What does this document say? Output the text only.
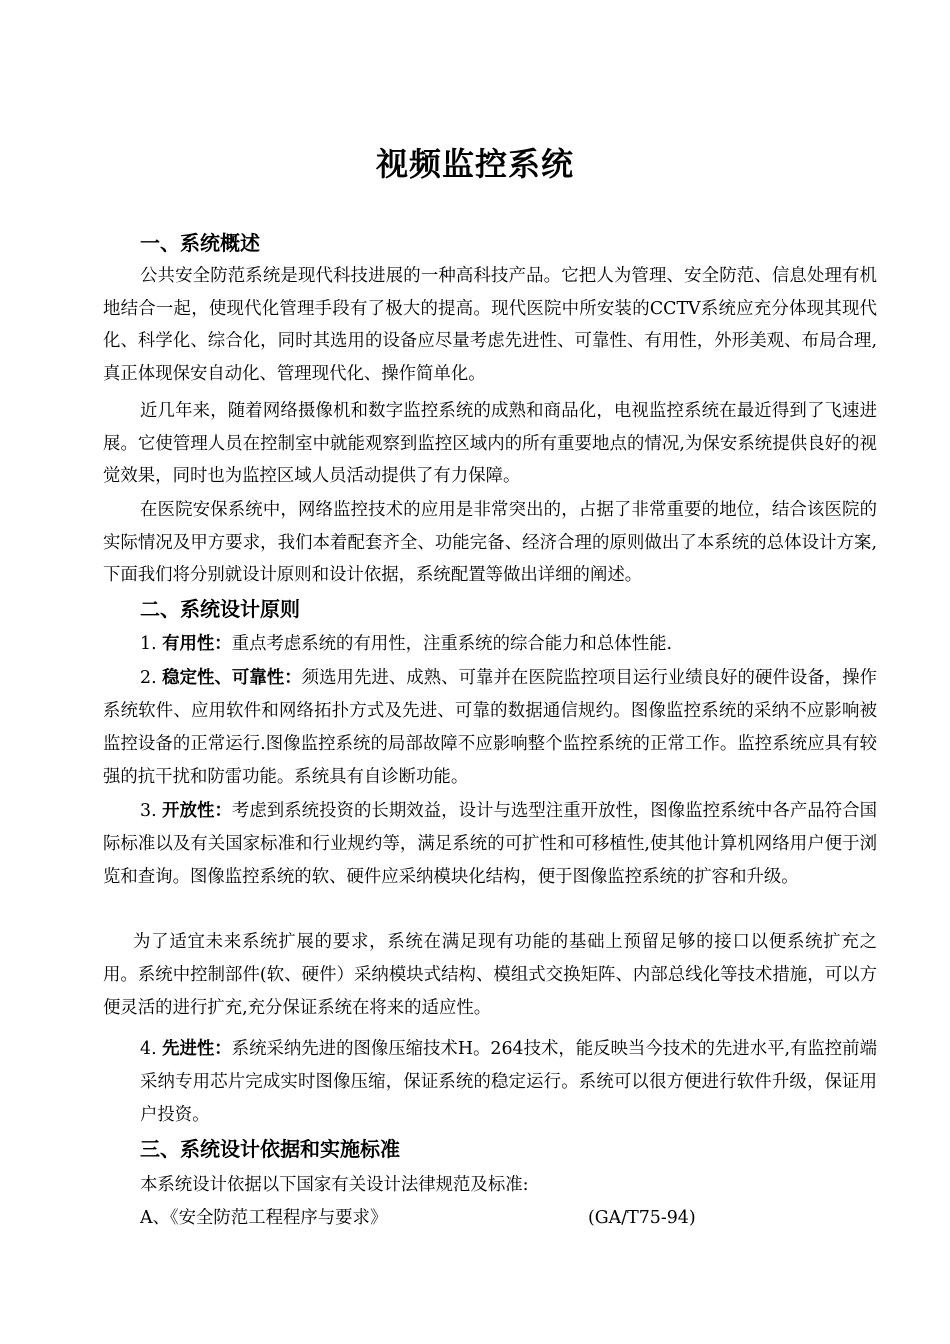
视频监控系统
一、系统概述
公共安全防范系统是现代科技进展的一种高科技产品。它把人为管理、安全防范、信息处理有机地结合一起，使现代化管理手段有了极大的提高。现代医院中所安装的CCTV系统应充分体现其现代化、科学化、综合化，同时其选用的设备应尽量考虑先进性、可靠性、有用性，外形美观、布局合理,真正体现保安自动化、管理现代化、操作简单化。
近几年来，随着网络摄像机和数字监控系统的成熟和商品化，电视监控系统在最近得到了飞速进展。它使管理人员在控制室中就能观察到监控区域内的所有重要地点的情况,为保安系统提供良好的视觉效果，同时也为监控区域人员活动提供了有力保障。
在医院安保系统中，网络监控技术的应用是非常突出的，占据了非常重要的地位，结合该医院的实际情况及甲方要求，我们本着配套齐全、功能完备、经济合理的原则做出了本系统的总体设计方案,下面我们将分别就设计原则和设计依据，系统配置等做出详细的阐述。
二、系统设计原则
1. 有用性：重点考虑系统的有用性，注重系统的综合能力和总体性能.
2. 稳定性、可靠性：须选用先进、成熟、可靠并在医院监控项目运行业绩良好的硬件设备，操作系统软件、应用软件和网络拓扑方式及先进、可靠的数据通信规约。图像监控系统的采纳不应影响被监控设备的正常运行.图像监控系统的局部故障不应影响整个监控系统的正常工作。监控系统应具有较强的抗干扰和防雷功能。系统具有自诊断功能。
3. 开放性：考虑到系统投资的长期效益，设计与选型注重开放性，图像监控系统中各产品符合国际标准以及有关国家标准和行业规约等，满足系统的可扩性和可移植性,使其他计算机网络用户便于浏览和查询。图像监控系统的软、硬件应采纳模块化结构，便于图像监控系统的扩容和升级。
为了适宜未来系统扩展的要求，系统在满足现有功能的基础上预留足够的接口以便系统扩充之用。系统中控制部件(软、硬件）采纳模块式结构、模组式交换矩阵、内部总线化等技术措施，可以方便灵活的进行扩充,充分保证系统在将来的适应性。
4. 先进性：系统采纳先进的图像压缩技术H。264技术，能反映当今技术的先进水平,有监控前端采纳专用芯片完成实时图像压缩，保证系统的稳定运行。系统可以很方便进行软件升级，保证用户投资。
三、系统设计依据和实施标准
本系统设计依据以下国家有关设计法律规范及标准:
A、《安全防范工程程序与要求》	(GA/T75-94)
